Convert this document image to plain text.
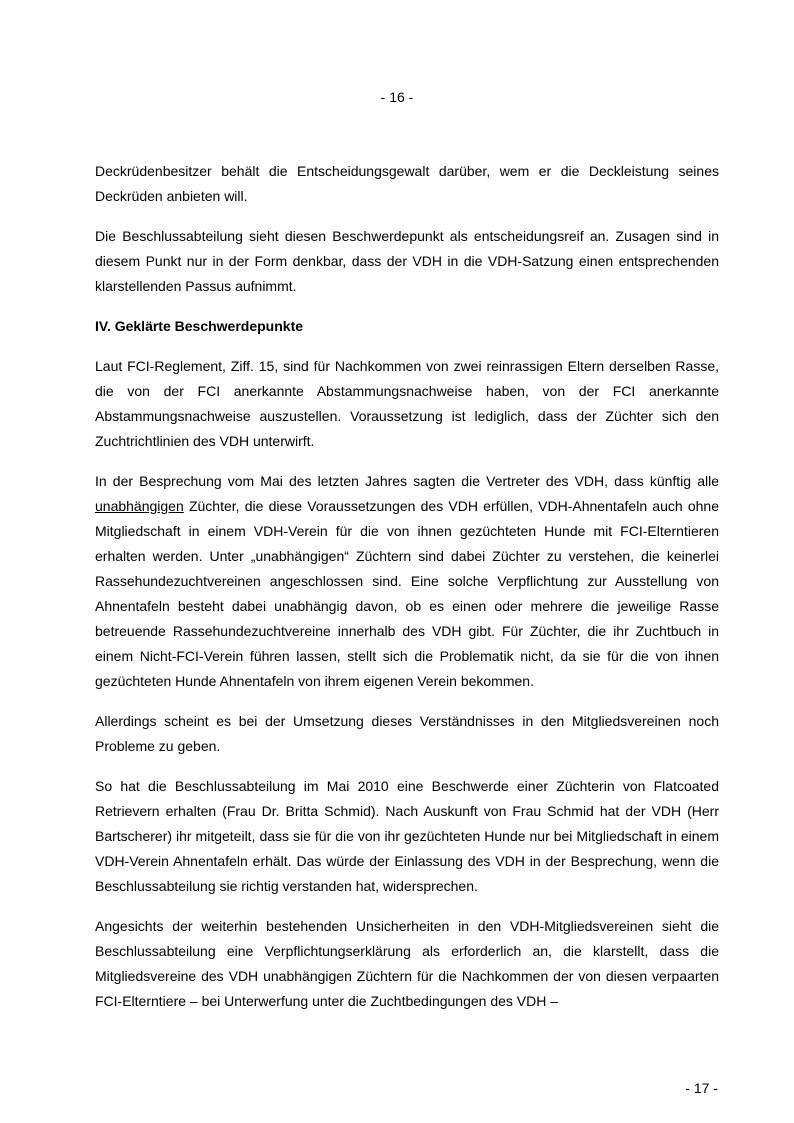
- 16 -

Deckrüdenbesitzer behält die Entscheidungsgewalt darüber, wem er die Deckleistung seines Deckrüden anbieten will.

Die Beschlussabteilung sieht diesen Beschwerdepunkt als entscheidungsreif an. Zusagen sind in diesem Punkt nur in der Form denkbar, dass der VDH in die VDH-Satzung einen entsprechenden klarstellenden Passus aufnimmt.

IV. Geklärte Beschwerdepunkte

Laut FCI-Reglement, Ziff. 15, sind für Nachkommen von zwei reinrassigen Eltern derselben Rasse, die von der FCI anerkannte Abstammungsnachweise haben, von der FCI anerkannte Abstammungsnachweise auszustellen. Voraussetzung ist lediglich, dass der Züchter sich den Zuchtrichtlinien des VDH unterwirft.

In der Besprechung vom Mai des letzten Jahres sagten die Vertreter des VDH, dass künftig alle unabhängigen Züchter, die diese Voraussetzungen des VDH erfüllen, VDH-Ahnentafeln auch ohne Mitgliedschaft in einem VDH-Verein für die von ihnen gezüchteten Hunde mit FCI-Elterntieren erhalten werden. Unter „unabhängigen“ Züchtern sind dabei Züchter zu verstehen, die keinerlei Rassehundezuchtvereinen angeschlossen sind. Eine solche Verpflichtung zur Ausstellung von Ahnentafeln besteht dabei unabhängig davon, ob es einen oder mehrere die jeweilige Rasse betreuende Rassehundezuchtvereine innerhalb des VDH gibt. Für Züchter, die ihr Zuchtbuch in einem Nicht-FCI-Verein führen lassen, stellt sich die Problematik nicht, da sie für die von ihnen gezüchteten Hunde Ahnentafeln von ihrem eigenen Verein bekommen.

Allerdings scheint es bei der Umsetzung dieses Verständnisses in den Mitgliedsvereinen noch Probleme zu geben.

So hat die Beschlussabteilung im Mai 2010 eine Beschwerde einer Züchterin von Flatcoated Retrievern erhalten (Frau Dr. Britta Schmid). Nach Auskunft von Frau Schmid hat der VDH (Herr Bartscherer) ihr mitgeteilt, dass sie für die von ihr gezüchteten Hunde nur bei Mitgliedschaft in einem VDH-Verein Ahnentafeln erhält. Das würde der Einlassung des VDH in der Besprechung, wenn die Beschlussabteilung sie richtig verstanden hat, widersprechen.

Angesichts der weiterhin bestehenden Unsicherheiten in den VDH-Mitgliedsvereinen sieht die Beschlussabteilung eine Verpflichtungserklärung als erforderlich an, die klarstellt, dass die Mitgliedsvereine des VDH unabhängigen Züchtern für die Nachkommen der von diesen verpaarten FCI-Elterntiere – bei Unterwerfung unter die Zuchtbedingungen des VDH –

- 17 -
